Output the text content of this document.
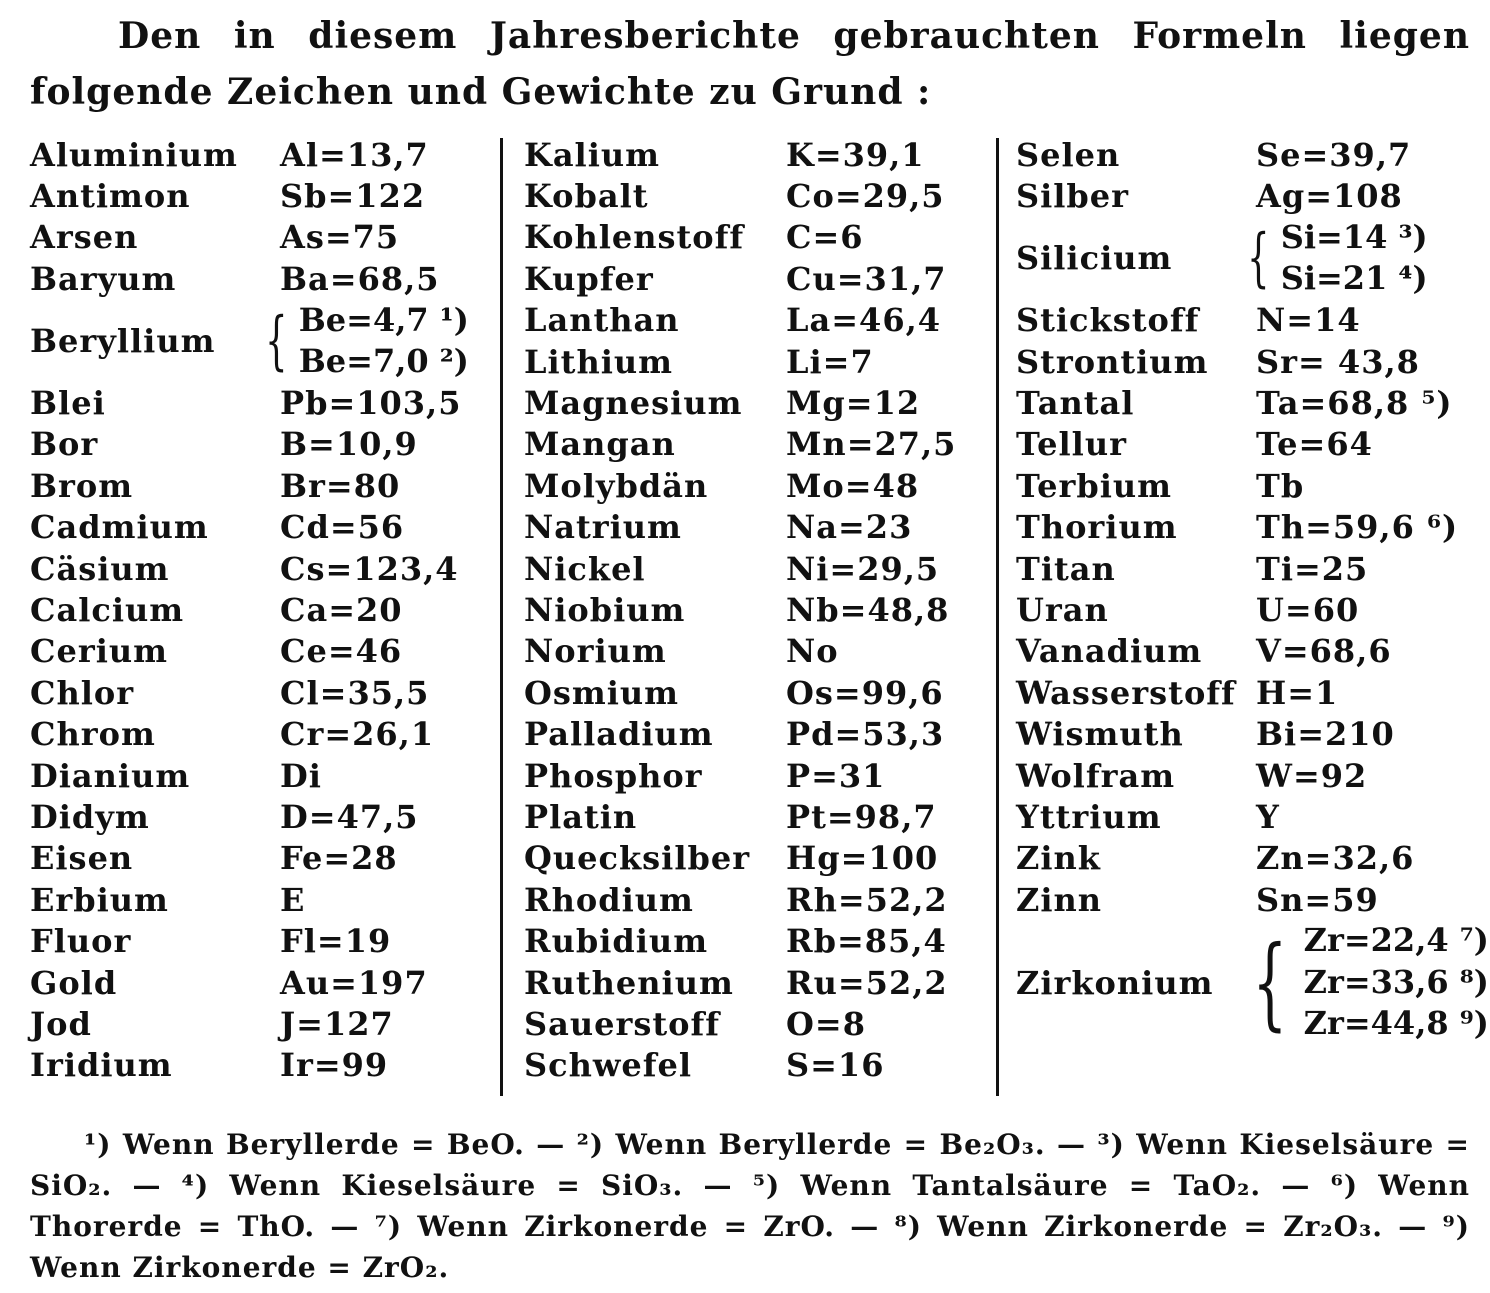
Den in diesem Jahresberichte gebrauchten Formeln liegen folgende Zeichen und Gewichte zu Grund :
Aluminium Al=13,7
Antimon	Sb=122
Arsen	As=75
Baryum	Ba=68,5
Beryllium { Be=4,7 ¹)
Be=7,0 ²)
Blei	Pb=103,5
Bor	B=10,9
Brom	Br=80
Cadmium Cd=56
Cäsium	Cs=123,4
Calcium	Ca=20
Cerium	Ce=46
Chlor	Cl=35,5
Chrom	Cr=26,1
Dianium	Di
Didym	D=47,5
Eisen	Fe=28
Erbium	E
Fluor	Fl=19
Gold	Au=197
Jod	J=127
Iridium	Ir=99
Kalium	K=39,1
Kobalt	Co=29,5
Kohlenstoff C=6
Kupfer	Cu=31,7
Lanthan	La=46,4
Lithium	Li=7
Magnesium Mg=12
Mangan	Mn=27,5
Molybdän Mo=48
Natrium	Na=23
Nickel	Ni=29,5
Niobium	Nb=48,8
Norium	No
Osmium	Os=99,6
Palladium Pd=53,3
Phosphor	P=31
Platin	Pt=98,7
Quecksilber Hg=100
Rhodium	Rh=52,2
Rubidium Rb=85,4
Ruthenium Ru=52,2
Sauerstoff O=8
Schwefel	S=16
Selen	Se=39,7
Silber	Ag=108
Silicium { Si=14 ³)
Si=21 ⁴)
Stickstoff N=14
Strontium Sr= 43,8
Tantal	Ta=68,8 ⁵)
Tellur	Te=64
Terbium	Tb
Thorium Th=59,6 ⁶)
Titan	Ti=25
Uran	U=60
Vanadium V=68,6
Wasserstoff H=1
Wismuth Bi=210
Wolfram	W=92
Yttrium	Y
Zink	Zn=32,6
Zinn	Sn=59
Zirkonium { Zr=22,4 ⁷)
Zr=33,6 ⁸)
Zr=44,8 ⁹)
¹) Wenn Beryllerde = BeO. — ²) Wenn Beryllerde = Be₂O₃. — ³) Wenn Kieselsäure = SiO₂. — ⁴) Wenn Kieselsäure = SiO₃. — ⁵) Wenn Tantalsäure = TaO₂. — ⁶) Wenn Thorerde = ThO. — ⁷) Wenn Zirkonerde = ZrO. — ⁸) Wenn Zirkonerde = Zr₂O₃. — ⁹) Wenn Zirkonerde = ZrO₂.
